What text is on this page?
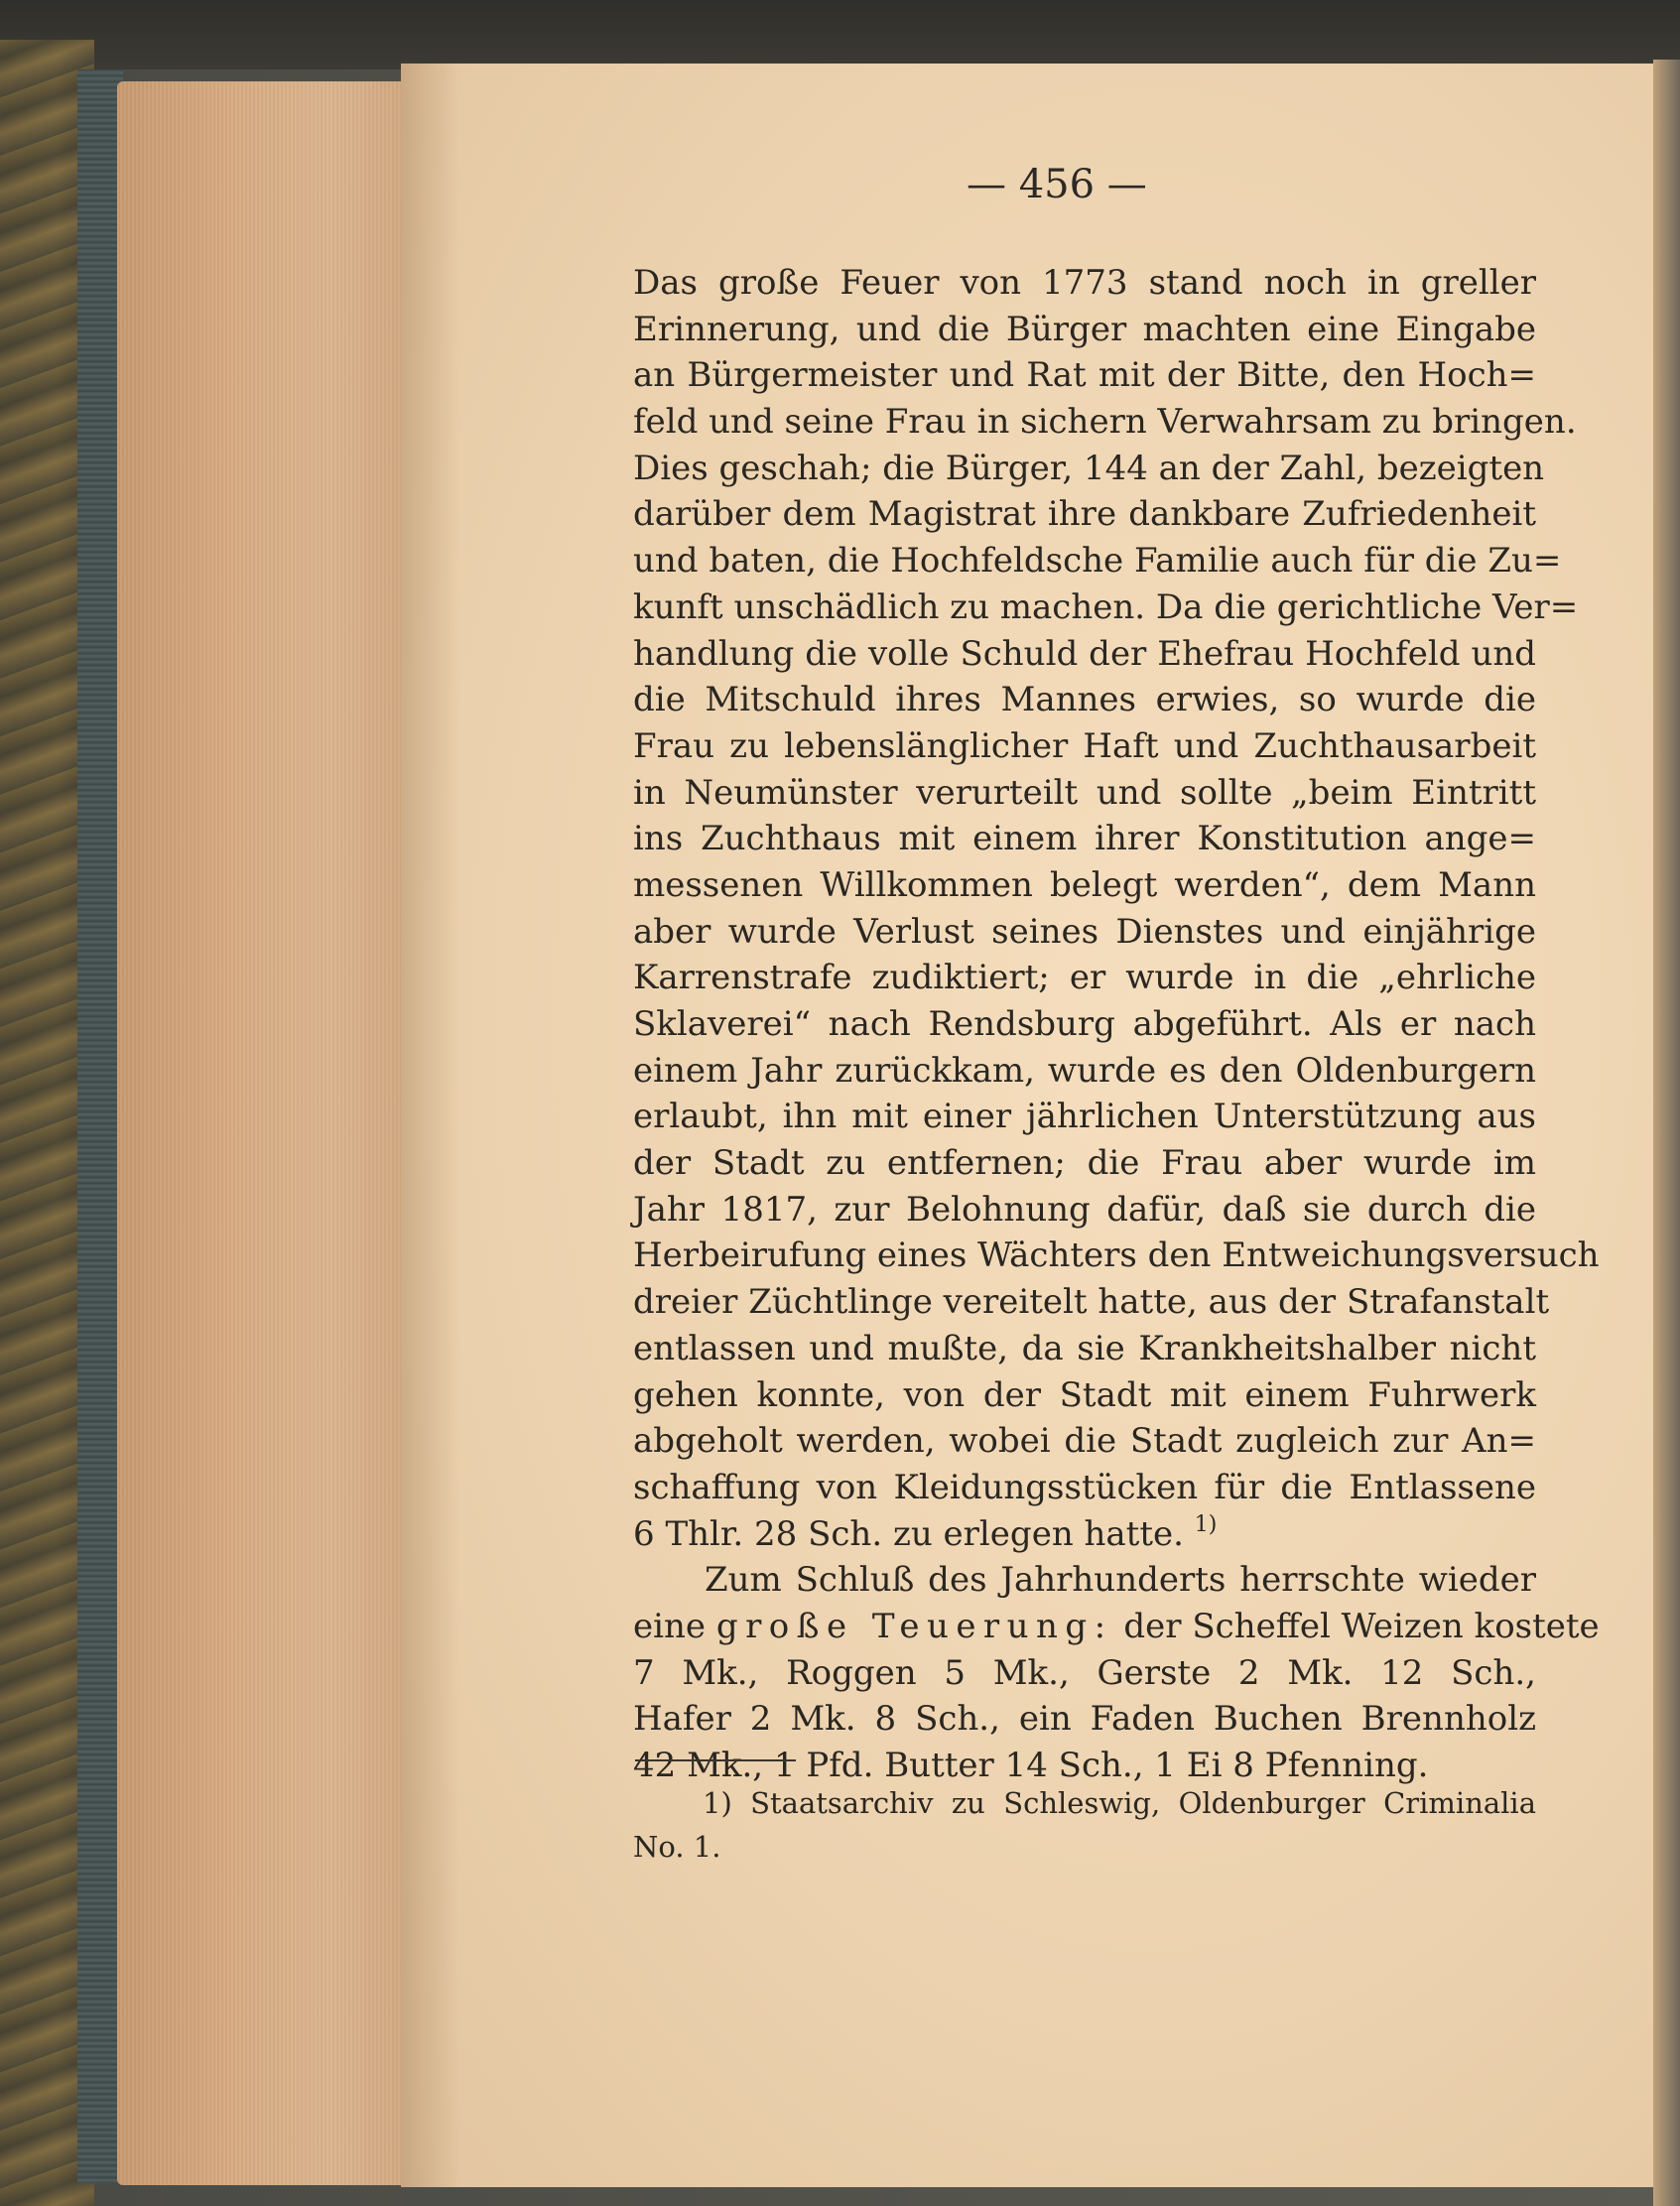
— 456 —
Das große Feuer von 1773 stand noch in greller
Erinnerung, und die Bürger machten eine Eingabe
an Bürgermeister und Rat mit der Bitte, den Hoch=
feld und seine Frau in sichern Verwahrsam zu bringen.
Dies geschah; die Bürger, 144 an der Zahl, bezeigten
darüber dem Magistrat ihre dankbare Zufriedenheit
und baten, die Hochfeldsche Familie auch für die Zu=
kunft unschädlich zu machen. Da die gerichtliche Ver=
handlung die volle Schuld der Ehefrau Hochfeld und
die Mitschuld ihres Mannes erwies, so wurde die
Frau zu lebenslänglicher Haft und Zuchthausarbeit
in Neumünster verurteilt und sollte „beim Eintritt
ins Zuchthaus mit einem ihrer Konstitution ange=
messenen Willkommen belegt werden“, dem Mann
aber wurde Verlust seines Dienstes und einjährige
Karrenstrafe zudiktiert; er wurde in die „ehrliche
Sklaverei“ nach Rendsburg abgeführt. Als er nach
einem Jahr zurückkam, wurde es den Oldenburgern
erlaubt, ihn mit einer jährlichen Unterstützung aus
der Stadt zu entfernen; die Frau aber wurde im
Jahr 1817, zur Belohnung dafür, daß sie durch die
Herbeirufung eines Wächters den Entweichungsversuch
dreier Züchtlinge vereitelt hatte, aus der Strafanstalt
entlassen und mußte, da sie Krankheitshalber nicht
gehen konnte, von der Stadt mit einem Fuhrwerk
abgeholt werden, wobei die Stadt zugleich zur An=
schaffung von Kleidungsstücken für die Entlassene
6 Thlr. 28 Sch. zu erlegen hatte. $^{1)}$
Zum Schluß des Jahrhunderts herrschte wieder
eine große Teuerung: der Scheffel Weizen kostete
7 Mk., Roggen 5 Mk., Gerste 2 Mk. 12 Sch.,
Hafer 2 Mk. 8 Sch., ein Faden Buchen Brennholz
42 Mk., 1 Pfd. Butter 14 Sch., 1 Ei 8 Pfenning.
1) Staatsarchiv zu Schleswig, Oldenburger Criminalia
No. 1.
